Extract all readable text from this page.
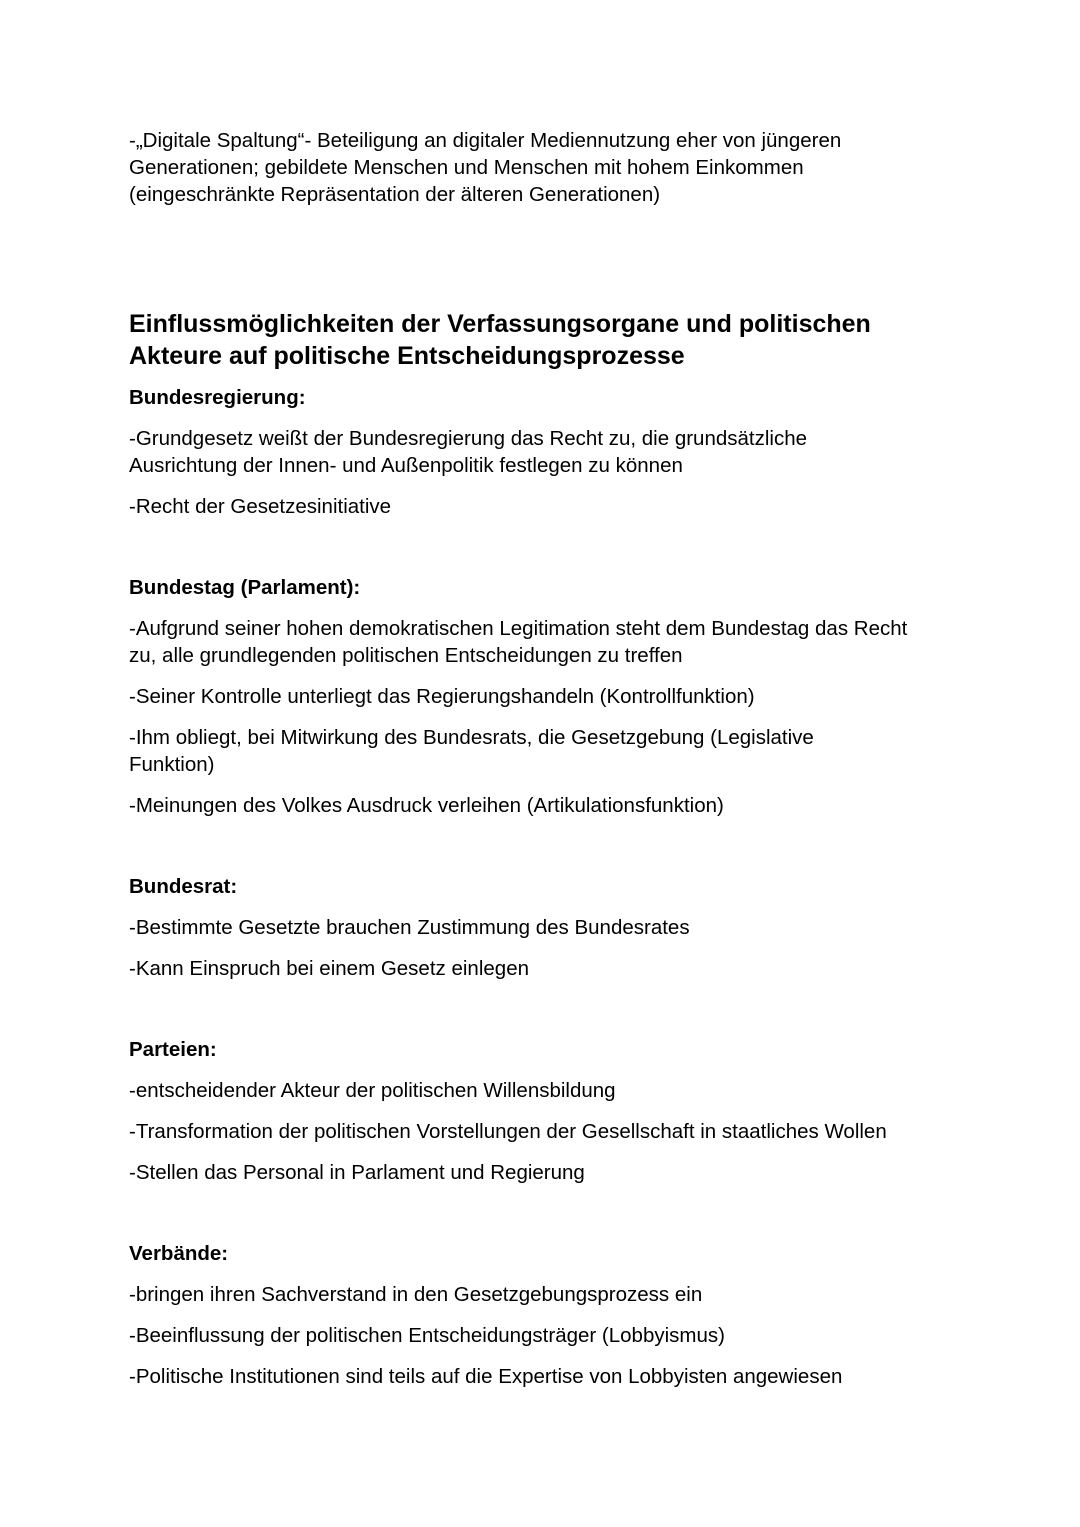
-„Digitale Spaltung“- Beteiligung an digitaler Mediennutzung eher von jüngeren Generationen; gebildete Menschen und Menschen mit hohem Einkommen (eingeschränkte Repräsentation der älteren Generationen)

Einflussmöglichkeiten der Verfassungsorgane und politischen Akteure auf politische Entscheidungsprozesse
Bundesregierung:

-Grundgesetz weißt der Bundesregierung das Recht zu, die grundsätzliche Ausrichtung der Innen- und Außenpolitik festlegen zu können

-Recht der Gesetzesinitiative

Bundestag (Parlament):

-Aufgrund seiner hohen demokratischen Legitimation steht dem Bundestag das Recht zu, alle grundlegenden politischen Entscheidungen zu treffen

-Seiner Kontrolle unterliegt das Regierungshandeln (Kontrollfunktion)

-Ihm obliegt, bei Mitwirkung des Bundesrats, die Gesetzgebung (Legislative Funktion)

-Meinungen des Volkes Ausdruck verleihen (Artikulationsfunktion)

Bundesrat:

-Bestimmte Gesetzte brauchen Zustimmung des Bundesrates

-Kann Einspruch bei einem Gesetz einlegen

Parteien:

-entscheidender Akteur der politischen Willensbildung

-Transformation der politischen Vorstellungen der Gesellschaft in staatliches Wollen

-Stellen das Personal in Parlament und Regierung

Verbände:

-bringen ihren Sachverstand in den Gesetzgebungsprozess ein

-Beeinflussung der politischen Entscheidungsträger (Lobbyismus)

-Politische Institutionen sind teils auf die Expertise von Lobbyisten angewiesen
